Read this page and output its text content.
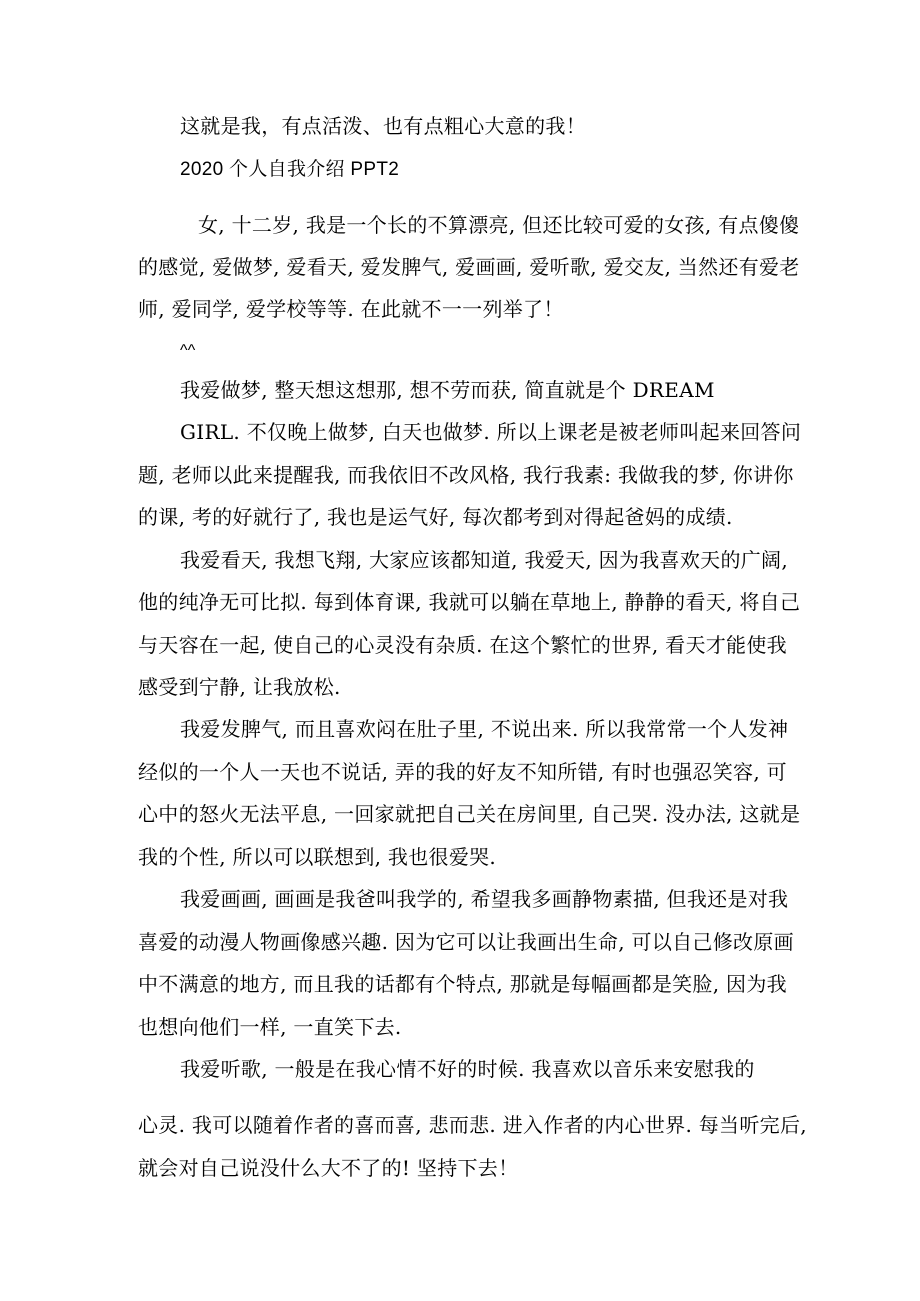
这就是我，有点活泼、也有点粗心大意的我！
2020 个人自我介绍 PPT2
女, 十二岁, 我是一个长的不算漂亮, 但还比较可爱的女孩, 有点傻傻
的感觉, 爱做梦, 爱看天, 爱发脾气, 爱画画, 爱听歌, 爱交友, 当然还有爱老
师, 爱同学, 爱学校等等. 在此就不一一列举了！
^^
我爱做梦, 整天想这想那, 想不劳而获, 简直就是个 DREAM
GIRL. 不仅晚上做梦, 白天也做梦. 所以上课老是被老师叫起来回答问
题, 老师以此来提醒我, 而我依旧不改风格, 我行我素: 我做我的梦, 你讲你
的课, 考的好就行了, 我也是运气好, 每次都考到对得起爸妈的成绩.
我爱看天, 我想飞翔, 大家应该都知道, 我爱天, 因为我喜欢天的广阔,
他的纯净无可比拟. 每到体育课, 我就可以躺在草地上, 静静的看天, 将自己
与天容在一起, 使自己的心灵没有杂质. 在这个繁忙的世界, 看天才能使我
感受到宁静, 让我放松.
我爱发脾气, 而且喜欢闷在肚子里, 不说出来. 所以我常常一个人发神
经似的一个人一天也不说话, 弄的我的好友不知所错, 有时也强忍笑容, 可
心中的怒火无法平息, 一回家就把自己关在房间里, 自己哭. 没办法, 这就是
我的个性, 所以可以联想到, 我也很爱哭.
我爱画画, 画画是我爸叫我学的, 希望我多画静物素描, 但我还是对我
喜爱的动漫人物画像感兴趣. 因为它可以让我画出生命, 可以自己修改原画
中不满意的地方, 而且我的话都有个特点, 那就是每幅画都是笑脸, 因为我
也想向他们一样, 一直笑下去.
我爱听歌, 一般是在我心情不好的时候. 我喜欢以音乐来安慰我的
心灵. 我可以随着作者的喜而喜, 悲而悲. 进入作者的内心世界. 每当听完后,
就会对自己说没什么大不了的! 坚持下去！
